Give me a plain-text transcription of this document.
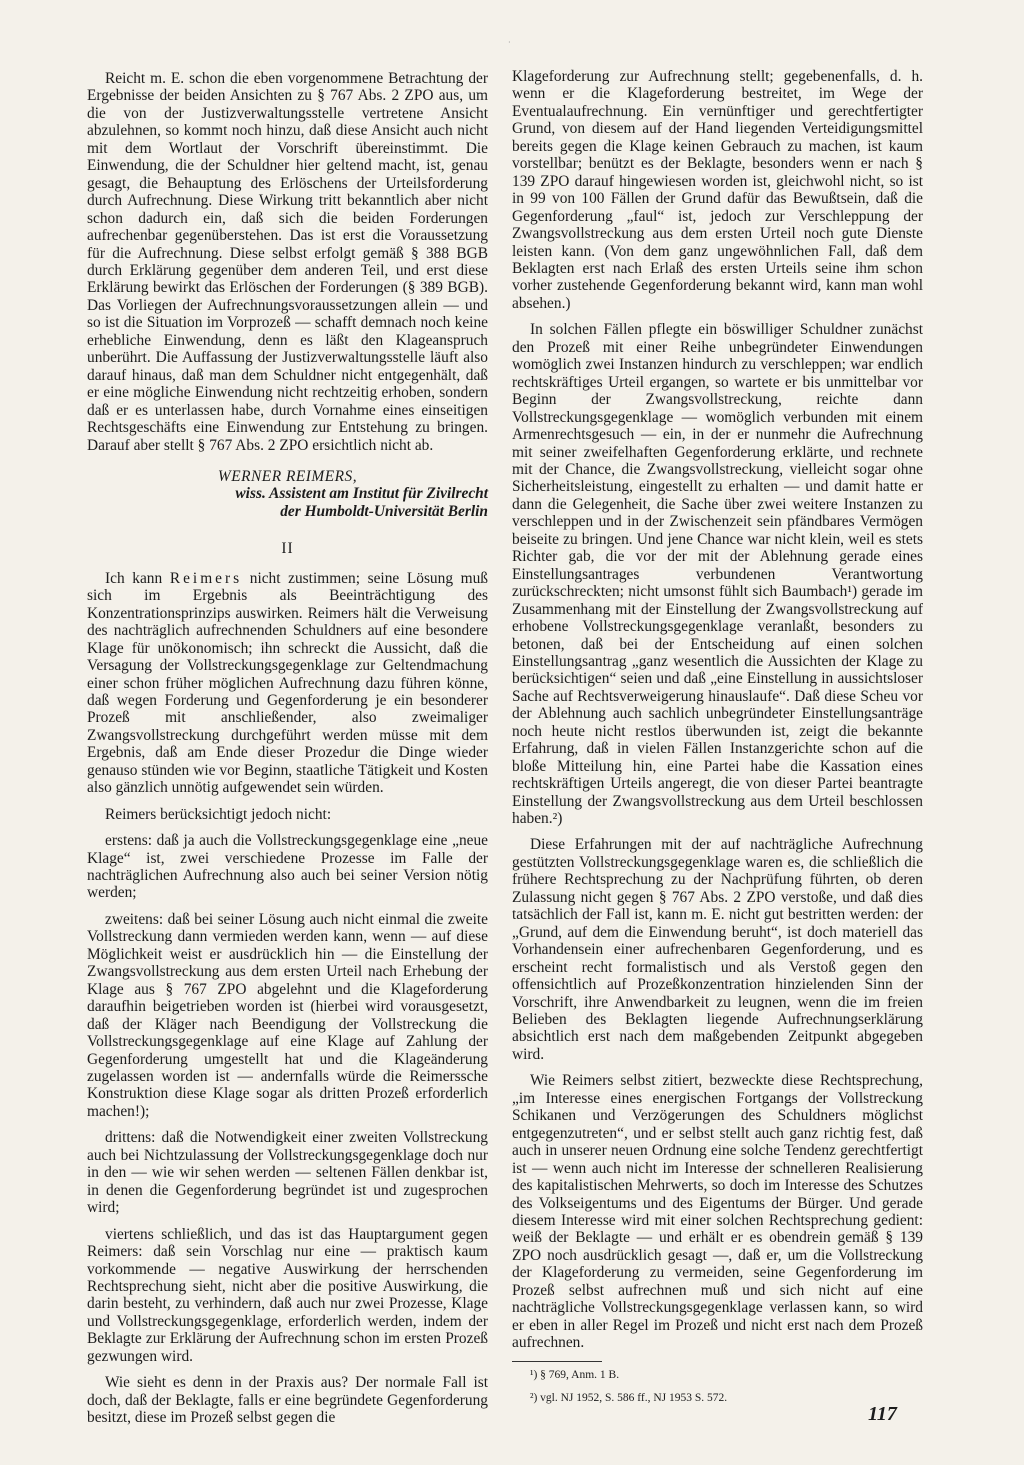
·

Reicht m. E. schon die eben vorgenommene Betrachtung der Ergebnisse der beiden Ansichten zu § 767 Abs. 2 ZPO aus, um die von der Justizverwaltungsstelle vertretene Ansicht abzulehnen, so kommt noch hinzu, daß diese Ansicht auch nicht mit dem Wortlaut der Vorschrift übereinstimmt. Die Einwendung, die der Schuldner hier geltend macht, ist, genau gesagt, die Behauptung des Erlöschens der Urteilsforderung durch Aufrechnung. Diese Wirkung tritt bekanntlich aber nicht schon dadurch ein, daß sich die beiden Forderungen aufrechenbar gegenüberstehen. Das ist erst die Voraussetzung für die Aufrechnung. Diese selbst erfolgt gemäß § 388 BGB durch Erklärung gegenüber dem anderen Teil, und erst diese Erklärung bewirkt das Erlöschen der Forderungen (§ 389 BGB). Das Vorliegen der Aufrechnungsvoraussetzungen allein — und so ist die Situation im Vorprozeß — schafft demnach noch keine erhebliche Einwendung, denn es läßt den Klageanspruch unberührt. Die Auffassung der Justizverwaltungsstelle läuft also darauf hinaus, daß man dem Schuldner nicht entgegenhält, daß er eine mögliche Einwendung nicht rechtzeitig erhoben, sondern daß er es unterlassen habe, durch Vornahme eines einseitigen Rechtsgeschäfts eine Einwendung zur Entstehung zu bringen. Darauf aber stellt § 767 Abs. 2 ZPO ersichtlich nicht ab.

WERNER REIMERS,
wiss. Assistent am Institut für Zivilrecht
der Humboldt-Universität Berlin
II

Ich kann Reimers nicht zustimmen; seine Lösung muß sich im Ergebnis als Beeinträchtigung des Konzentrationsprinzips auswirken. Reimers hält die Verweisung des nachträglich aufrechnenden Schuldners auf eine besondere Klage für unökonomisch; ihn schreckt die Aussicht, daß die Versagung der Vollstreckungsgegenklage zur Geltendmachung einer schon früher möglichen Aufrechnung dazu führen könne, daß wegen Forderung und Gegenforderung je ein besonderer Prozeß mit anschließender, also zweimaliger Zwangsvollstreckung durchgeführt werden müsse mit dem Ergebnis, daß am Ende dieser Prozedur die Dinge wieder genauso stünden wie vor Beginn, staatliche Tätigkeit und Kosten also gänzlich unnötig aufgewendet sein würden.

Reimers berücksichtigt jedoch nicht:

erstens: daß ja auch die Vollstreckungsgegenklage eine „neue Klage“ ist, zwei verschiedene Prozesse im Falle der nachträglichen Aufrechnung also auch bei seiner Version nötig werden;

zweitens: daß bei seiner Lösung auch nicht einmal die zweite Vollstreckung dann vermieden werden kann, wenn — auf diese Möglichkeit weist er ausdrücklich hin — die Einstellung der Zwangsvollstreckung aus dem ersten Urteil nach Erhebung der Klage aus § 767 ZPO abgelehnt und die Klageforderung daraufhin beigetrieben worden ist (hierbei wird vorausgesetzt, daß der Kläger nach Beendigung der Vollstreckung die Vollstreckungsgegenklage auf eine Klage auf Zahlung der Gegenforderung umgestellt hat und die Klageänderung zugelassen worden ist — andernfalls würde die Reimerssche Konstruktion diese Klage sogar als dritten Prozeß erforderlich machen!);

drittens: daß die Notwendigkeit einer zweiten Vollstreckung auch bei Nichtzulassung der Vollstreckungsgegenklage doch nur in den — wie wir sehen werden — seltenen Fällen denkbar ist, in denen die Gegenforderung begründet ist und zugesprochen wird;

viertens schließlich, und das ist das Hauptargument gegen Reimers: daß sein Vorschlag nur eine — praktisch kaum vorkommende — negative Auswirkung der herrschenden Rechtsprechung sieht, nicht aber die positive Auswirkung, die darin besteht, zu verhindern, daß auch nur zwei Prozesse, Klage und Vollstreckungsgegenklage, erforderlich werden, indem der Beklagte zur Erklärung der Aufrechnung schon im ersten Prozeß gezwungen wird.

Wie sieht es denn in der Praxis aus? Der normale Fall ist doch, daß der Beklagte, falls er eine begründete Gegenforderung besitzt, diese im Prozeß selbst gegen die

Klageforderung zur Aufrechnung stellt; gegebenenfalls, d. h. wenn er die Klageforderung bestreitet, im Wege der Eventualaufrechnung. Ein vernünftiger und gerechtfertigter Grund, von diesem auf der Hand liegenden Verteidigungsmittel bereits gegen die Klage keinen Gebrauch zu machen, ist kaum vorstellbar; benützt es der Beklagte, besonders wenn er nach § 139 ZPO darauf hingewiesen worden ist, gleichwohl nicht, so ist in 99 von 100 Fällen der Grund dafür das Bewußtsein, daß die Gegenforderung „faul“ ist, jedoch zur Verschleppung der Zwangsvollstreckung aus dem ersten Urteil noch gute Dienste leisten kann. (Von dem ganz ungewöhnlichen Fall, daß dem Beklagten erst nach Erlaß des ersten Urteils seine ihm schon vorher zustehende Gegenforderung bekannt wird, kann man wohl absehen.)

In solchen Fällen pflegte ein böswilliger Schuldner zunächst den Prozeß mit einer Reihe unbegründeter Einwendungen womöglich zwei Instanzen hindurch zu verschleppen; war endlich rechtskräftiges Urteil ergangen, so wartete er bis unmittelbar vor Beginn der Zwangsvollstreckung, reichte dann Vollstreckungsgegenklage — womöglich verbunden mit einem Armenrechtsgesuch — ein, in der er nunmehr die Aufrechnung mit seiner zweifelhaften Gegenforderung erklärte, und rechnete mit der Chance, die Zwangsvollstreckung, vielleicht sogar ohne Sicherheitsleistung, eingestellt zu erhalten — und damit hatte er dann die Gelegenheit, die Sache über zwei weitere Instanzen zu verschleppen und in der Zwischenzeit sein pfändbares Vermögen beiseite zu bringen. Und jene Chance war nicht klein, weil es stets Richter gab, die vor der mit der Ablehnung gerade eines Einstellungsantrages verbundenen Verantwortung zurückschreckten; nicht umsonst fühlt sich Baumbach¹) gerade im Zusammenhang mit der Einstellung der Zwangsvollstreckung auf erhobene Vollstreckungsgegenklage veranlaßt, besonders zu betonen, daß bei der Entscheidung auf einen solchen Einstellungsantrag „ganz wesentlich die Aussichten der Klage zu berücksichtigen“ seien und daß „eine Einstellung in aussichtsloser Sache auf Rechtsverweigerung hinauslaufe“. Daß diese Scheu vor der Ablehnung auch sachlich unbegründeter Einstellungsanträge noch heute nicht restlos überwunden ist, zeigt die bekannte Erfahrung, daß in vielen Fällen Instanzgerichte schon auf die bloße Mitteilung hin, eine Partei habe die Kassation eines rechtskräftigen Urteils angeregt, die von dieser Partei beantragte Einstellung der Zwangsvollstreckung aus dem Urteil beschlossen haben.²)

Diese Erfahrungen mit der auf nachträgliche Aufrechnung gestützten Vollstreckungsgegenklage waren es, die schließlich die frühere Rechtsprechung zu der Nachprüfung führten, ob deren Zulassung nicht gegen § 767 Abs. 2 ZPO verstoße, und daß dies tatsächlich der Fall ist, kann m. E. nicht gut bestritten werden: der „Grund, auf dem die Einwendung beruht“, ist doch materiell das Vorhandensein einer aufrechenbaren Gegenforderung, und es erscheint recht formalistisch und als Verstoß gegen den offensichtlich auf Prozeßkonzentration hinzielenden Sinn der Vorschrift, ihre Anwendbarkeit zu leugnen, wenn die im freien Belieben des Beklagten liegende Aufrechnungserklärung absichtlich erst nach dem maßgebenden Zeitpunkt abgegeben wird.

Wie Reimers selbst zitiert, bezweckte diese Rechtsprechung, „im Interesse eines energischen Fortgangs der Vollstreckung Schikanen und Verzögerungen des Schuldners möglichst entgegenzutreten“, und er selbst stellt auch ganz richtig fest, daß auch in unserer neuen Ordnung eine solche Tendenz gerechtfertigt ist — wenn auch nicht im Interesse der schnelleren Realisierung des kapitalistischen Mehrwerts, so doch im Interesse des Schutzes des Volkseigentums und des Eigentums der Bürger. Und gerade diesem Interesse wird mit einer solchen Rechtsprechung gedient: weiß der Beklagte — und erhält er es obendrein gemäß § 139 ZPO noch ausdrücklich gesagt —, daß er, um die Vollstreckung der Klageforderung zu vermeiden, seine Gegenforderung im Prozeß selbst aufrechnen muß und sich nicht auf eine nachträgliche Vollstreckungsgegenklage verlassen kann, so wird er eben in aller Regel im Prozeß und nicht erst nach dem Prozeß aufrechnen.

¹) § 769, Anm. 1 B.

²) vgl. NJ 1952, S. 586 ff., NJ 1953 S. 572.

117
